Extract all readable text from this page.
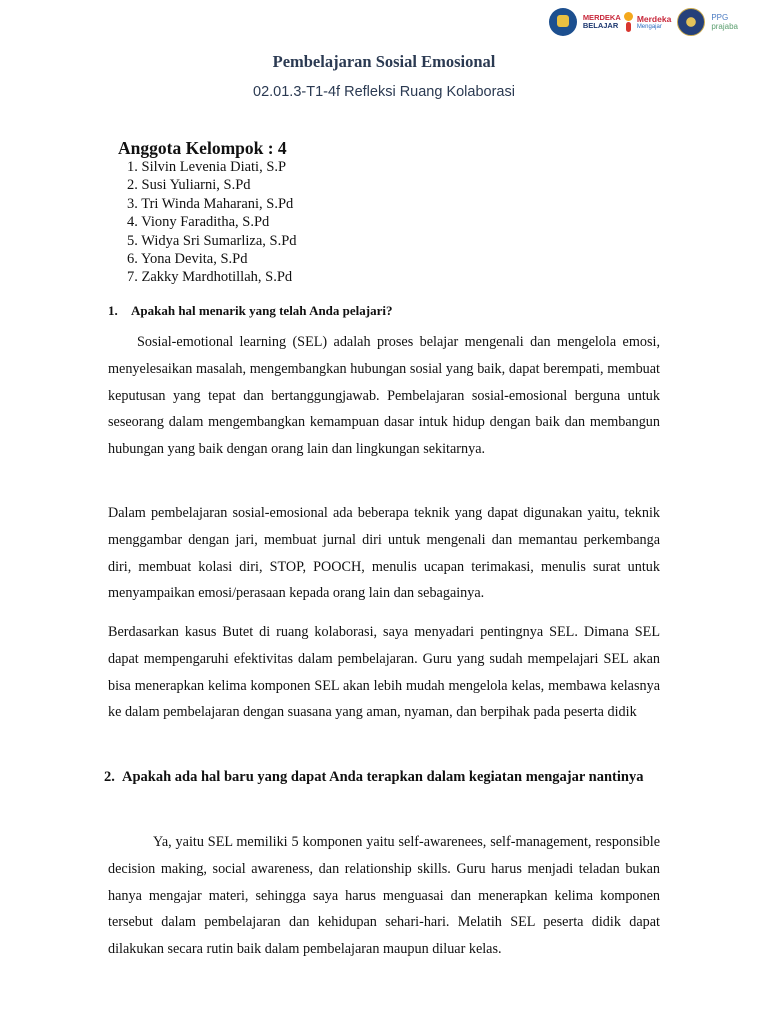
MERDEKA
BELAJAR
Merdeka
Mengajar
PPG
prajaba
Pembelajaran Sosial Emosional
02.01.3-T1-4f Refleksi Ruang Kolaborasi
Anggota Kelompok : 4
1. Silvin Levenia Diati, S.P
2. Susi Yuliarni, S.Pd
3. Tri Winda Maharani, S.Pd
4. Viony Faraditha, S.Pd
5. Widya Sri Sumarliza, S.Pd
6. Yona Devita, S.Pd
7. Zakky Mardhotillah, S.Pd
1. Apakah hal menarik yang telah Anda pelajari?

Sosial-emotional learning (SEL) adalah proses belajar mengenali dan mengelola emosi, menyelesaikan masalah, mengembangkan hubungan sosial yang baik, dapat berempati, membuat keputusan yang tepat dan bertanggungjawab. Pembelajaran sosial-emosional berguna untuk seseorang dalam mengembangkan kemampuan dasar intuk hidup dengan baik dan membangun hubungan yang baik dengan orang lain dan lingkungan sekitarnya.

Dalam pembelajaran sosial-emosional ada beberapa teknik yang dapat digunakan yaitu, teknik menggambar dengan jari, membuat jurnal diri untuk mengenali dan memantau perkembanga diri, membuat kolasi diri, STOP, POOCH, menulis ucapan terimakasi, menulis surat untuk menyampaikan emosi/perasaan kepada orang lain dan sebagainya.

Berdasarkan kasus Butet di ruang kolaborasi, saya menyadari pentingnya SEL. Dimana SEL dapat mempengaruhi efektivitas dalam pembelajaran. Guru yang sudah mempelajari SEL akan bisa menerapkan kelima komponen SEL akan lebih mudah mengelola kelas, membawa kelasnya ke dalam pembelajaran dengan suasana yang aman, nyaman, dan berpihak pada peserta didik

2. Apakah ada hal baru yang dapat Anda terapkan dalam kegiatan mengajar nantinya

Ya, yaitu SEL memiliki 5 komponen yaitu self-awarenees, self-management, responsible decision making, social awareness, dan relationship skills. Guru harus menjadi teladan bukan hanya mengajar materi, sehingga saya harus menguasai dan menerapkan kelima komponen tersebut dalam pembelajaran dan kehidupan sehari-hari. Melatih SEL peserta didik dapat dilakukan secara rutin baik dalam pembelajaran maupun diluar kelas.
